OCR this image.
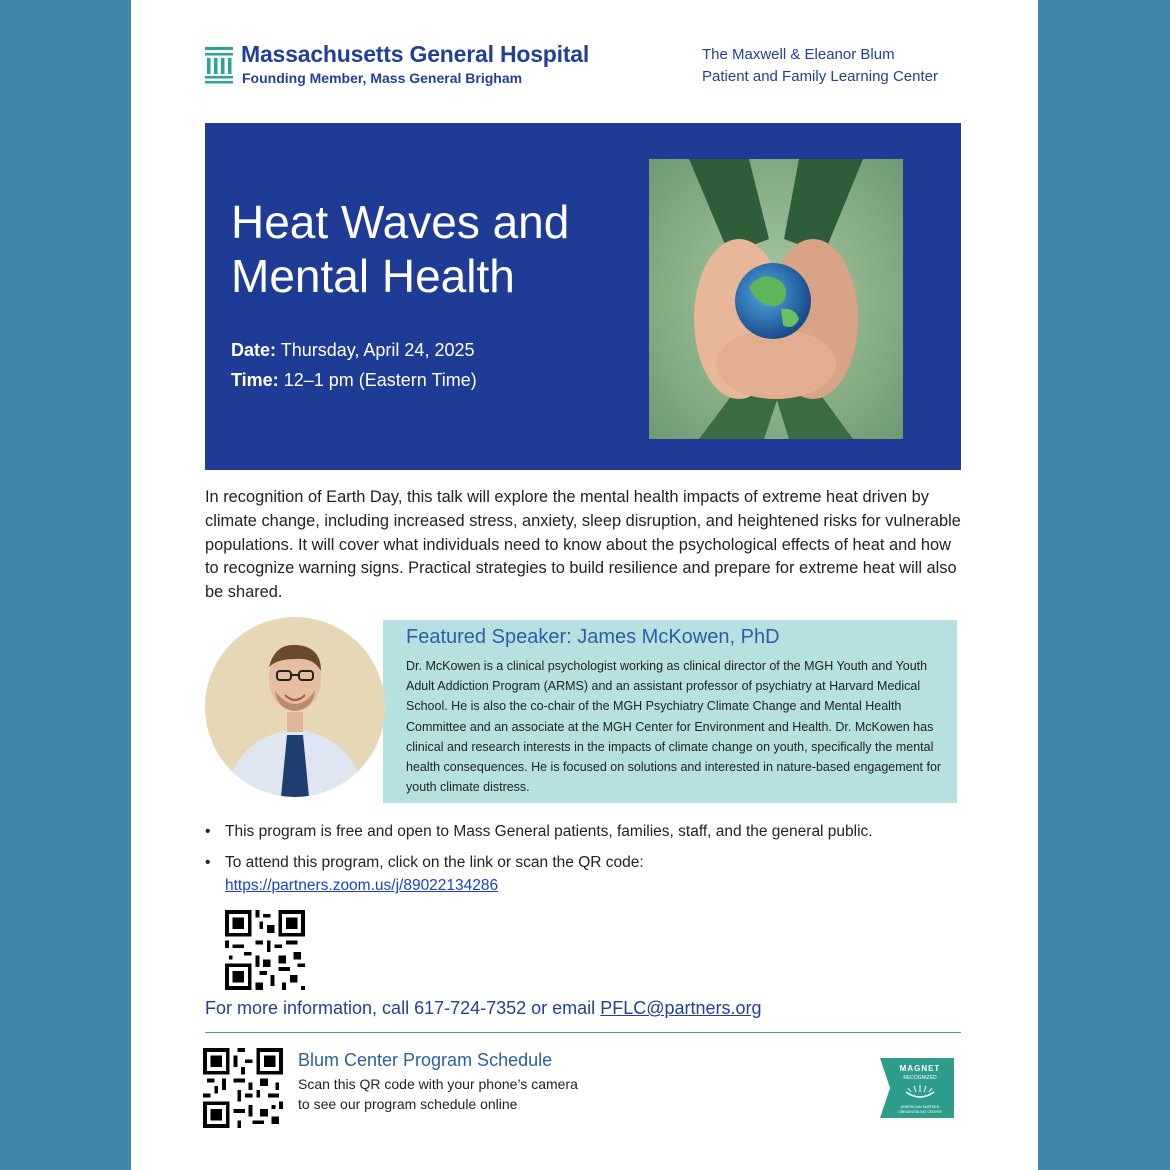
Massachusetts General Hospital
Founding Member, Mass General Brigham
The Maxwell & Eleanor Blum
Patient and Family Learning Center
Heat Waves and
Mental Health
Date: Thursday, April 24, 2025
Time: 12–1 pm (Eastern Time)
In recognition of Earth Day, this talk will explore the mental health impacts of extreme heat driven by climate change, including increased stress, anxiety, sleep disruption, and heightened risks for vulnerable populations. It will cover what individuals need to know about the psychological effects of heat and how to recognize warning signs. Practical strategies to build resilience and prepare for extreme heat will also be shared.
Featured Speaker: James McKowen, PhD
Dr. McKowen is a clinical psychologist working as clinical director of the MGH Youth and Youth Adult Addiction Program (ARMS) and an assistant professor of psychiatry at Harvard Medical School. He is also the co-chair of the MGH Psychiatry Climate Change and Mental Health Committee and an associate at the MGH Center for Environment and Health. Dr. McKowen has clinical and research interests in the impacts of climate change on youth, specifically the mental health consequences. He is focused on solutions and interested in nature-based engagement for youth climate distress.
• This program is free and open to Mass General patients, families, staff, and the general public.
• To attend this program, click on the link or scan the QR code:
https://partners.zoom.us/j/89022134286
For more information, call 617-724-7352 or email PFLC@partners.org
Blum Center Program Schedule
Scan this QR code with your phone’s camera
to see our program schedule online
MAGNET
RECOGNIZED
AMERICAN NURSES
CREDENTIALING CENTER
